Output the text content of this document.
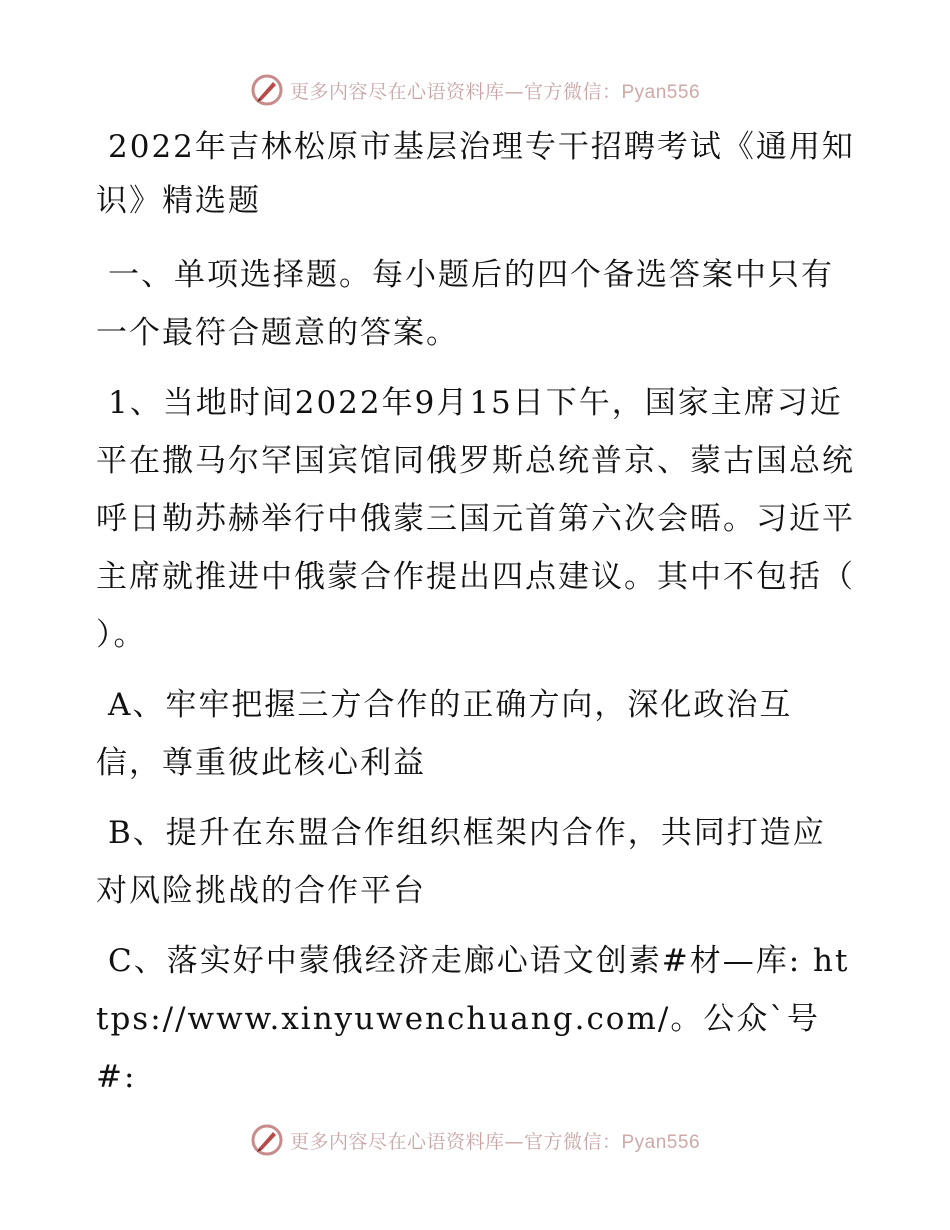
更多内容尽在心语资料库—官方微信：Pyan556

2022年吉林松原市基层治理专干招聘考试《通用知识》精选题

一、单项选择题。每小题后的四个备选答案中只有一个最符合题意的答案。

1、当地时间2022年9月15日下午，国家主席习近平在撒马尔罕国宾馆同俄罗斯总统普京、蒙古国总统呼日勒苏赫举行中俄蒙三国元首第六次会晤。习近平主席就推进中俄蒙合作提出四点建议。其中不包括（　　）。

A、牢牢把握三方合作的正确方向，深化政治互信，尊重彼此核心利益

B、提升在东盟合作组织框架内合作，共同打造应对风险挑战的合作平台

C、落实好中蒙俄经济走廊心语文创素#材—库: https://www.xinyuwenchuang.com/。公众`号#:

更多内容尽在心语资料库—官方微信：Pyan556
